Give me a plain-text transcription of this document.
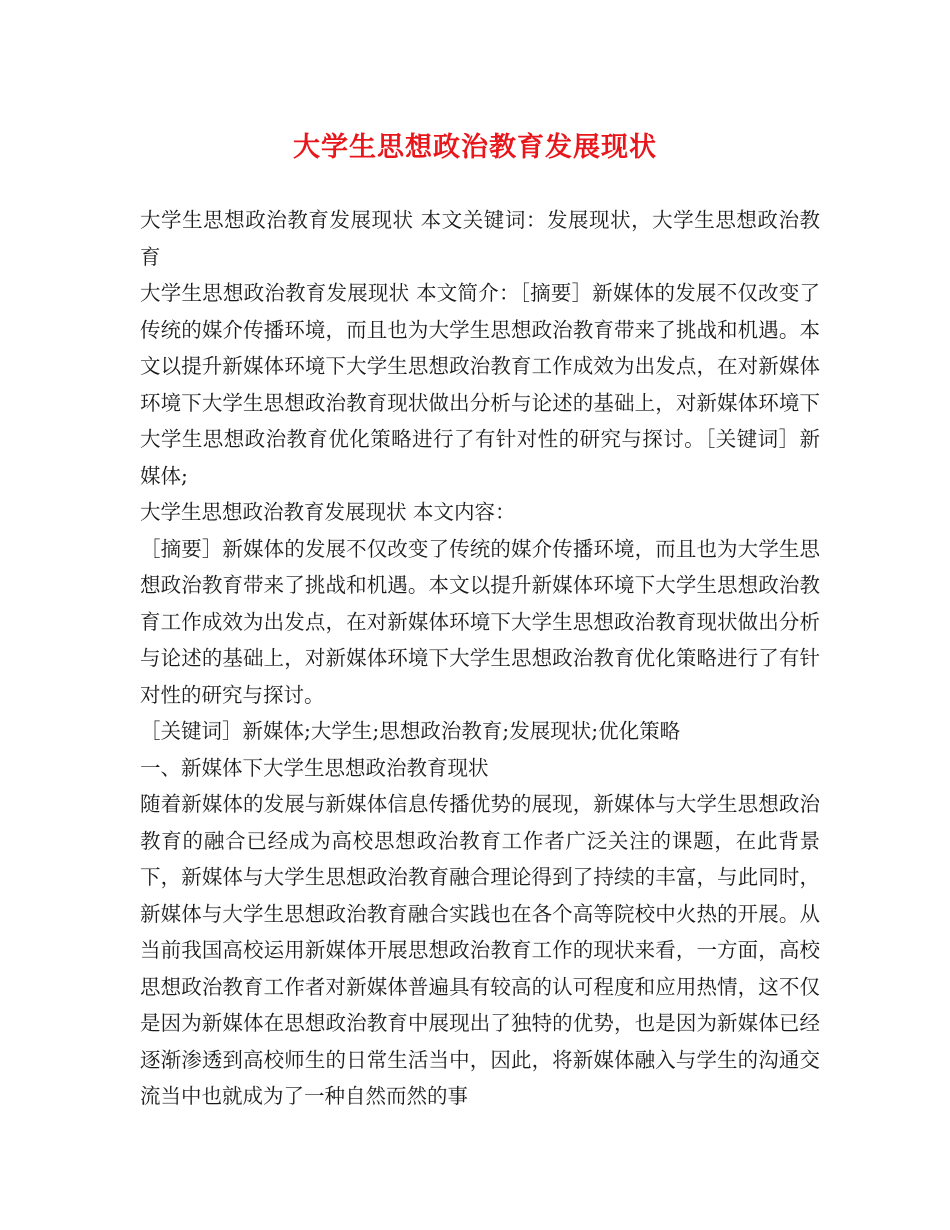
大学生思想政治教育发展现状

大学生思想政治教育发展现状 本文关键词：发展现状，大学生思想政治教育

大学生思想政治教育发展现状 本文简介：［摘要］新媒体的发展不仅改变了传统的媒介传播环境，而且也为大学生思想政治教育带来了挑战和机遇。本文以提升新媒体环境下大学生思想政治教育工作成效为出发点，在对新媒体环境下大学生思想政治教育现状做出分析与论述的基础上，对新媒体环境下大学生思想政治教育优化策略进行了有针对性的研究与探讨。［关键词］新媒体;

大学生思想政治教育发展现状 本文内容：

［摘要］新媒体的发展不仅改变了传统的媒介传播环境，而且也为大学生思想政治教育带来了挑战和机遇。本文以提升新媒体环境下大学生思想政治教育工作成效为出发点，在对新媒体环境下大学生思想政治教育现状做出分析与论述的基础上，对新媒体环境下大学生思想政治教育优化策略进行了有针对性的研究与探讨。

［关键词］新媒体;大学生;思想政治教育;发展现状;优化策略

一、新媒体下大学生思想政治教育现状

随着新媒体的发展与新媒体信息传播优势的展现，新媒体与大学生思想政治教育的融合已经成为高校思想政治教育工作者广泛关注的课题，在此背景下，新媒体与大学生思想政治教育融合理论得到了持续的丰富，与此同时，新媒体与大学生思想政治教育融合实践也在各个高等院校中火热的开展。从当前我国高校运用新媒体开展思想政治教育工作的现状来看，一方面，高校思想政治教育工作者对新媒体普遍具有较高的认可程度和应用热情，这不仅是因为新媒体在思想政治教育中展现出了独特的优势，也是因为新媒体已经逐渐渗透到高校师生的日常生活当中，因此，将新媒体融入与学生的沟通交流当中也就成为了一种自然而然的事
